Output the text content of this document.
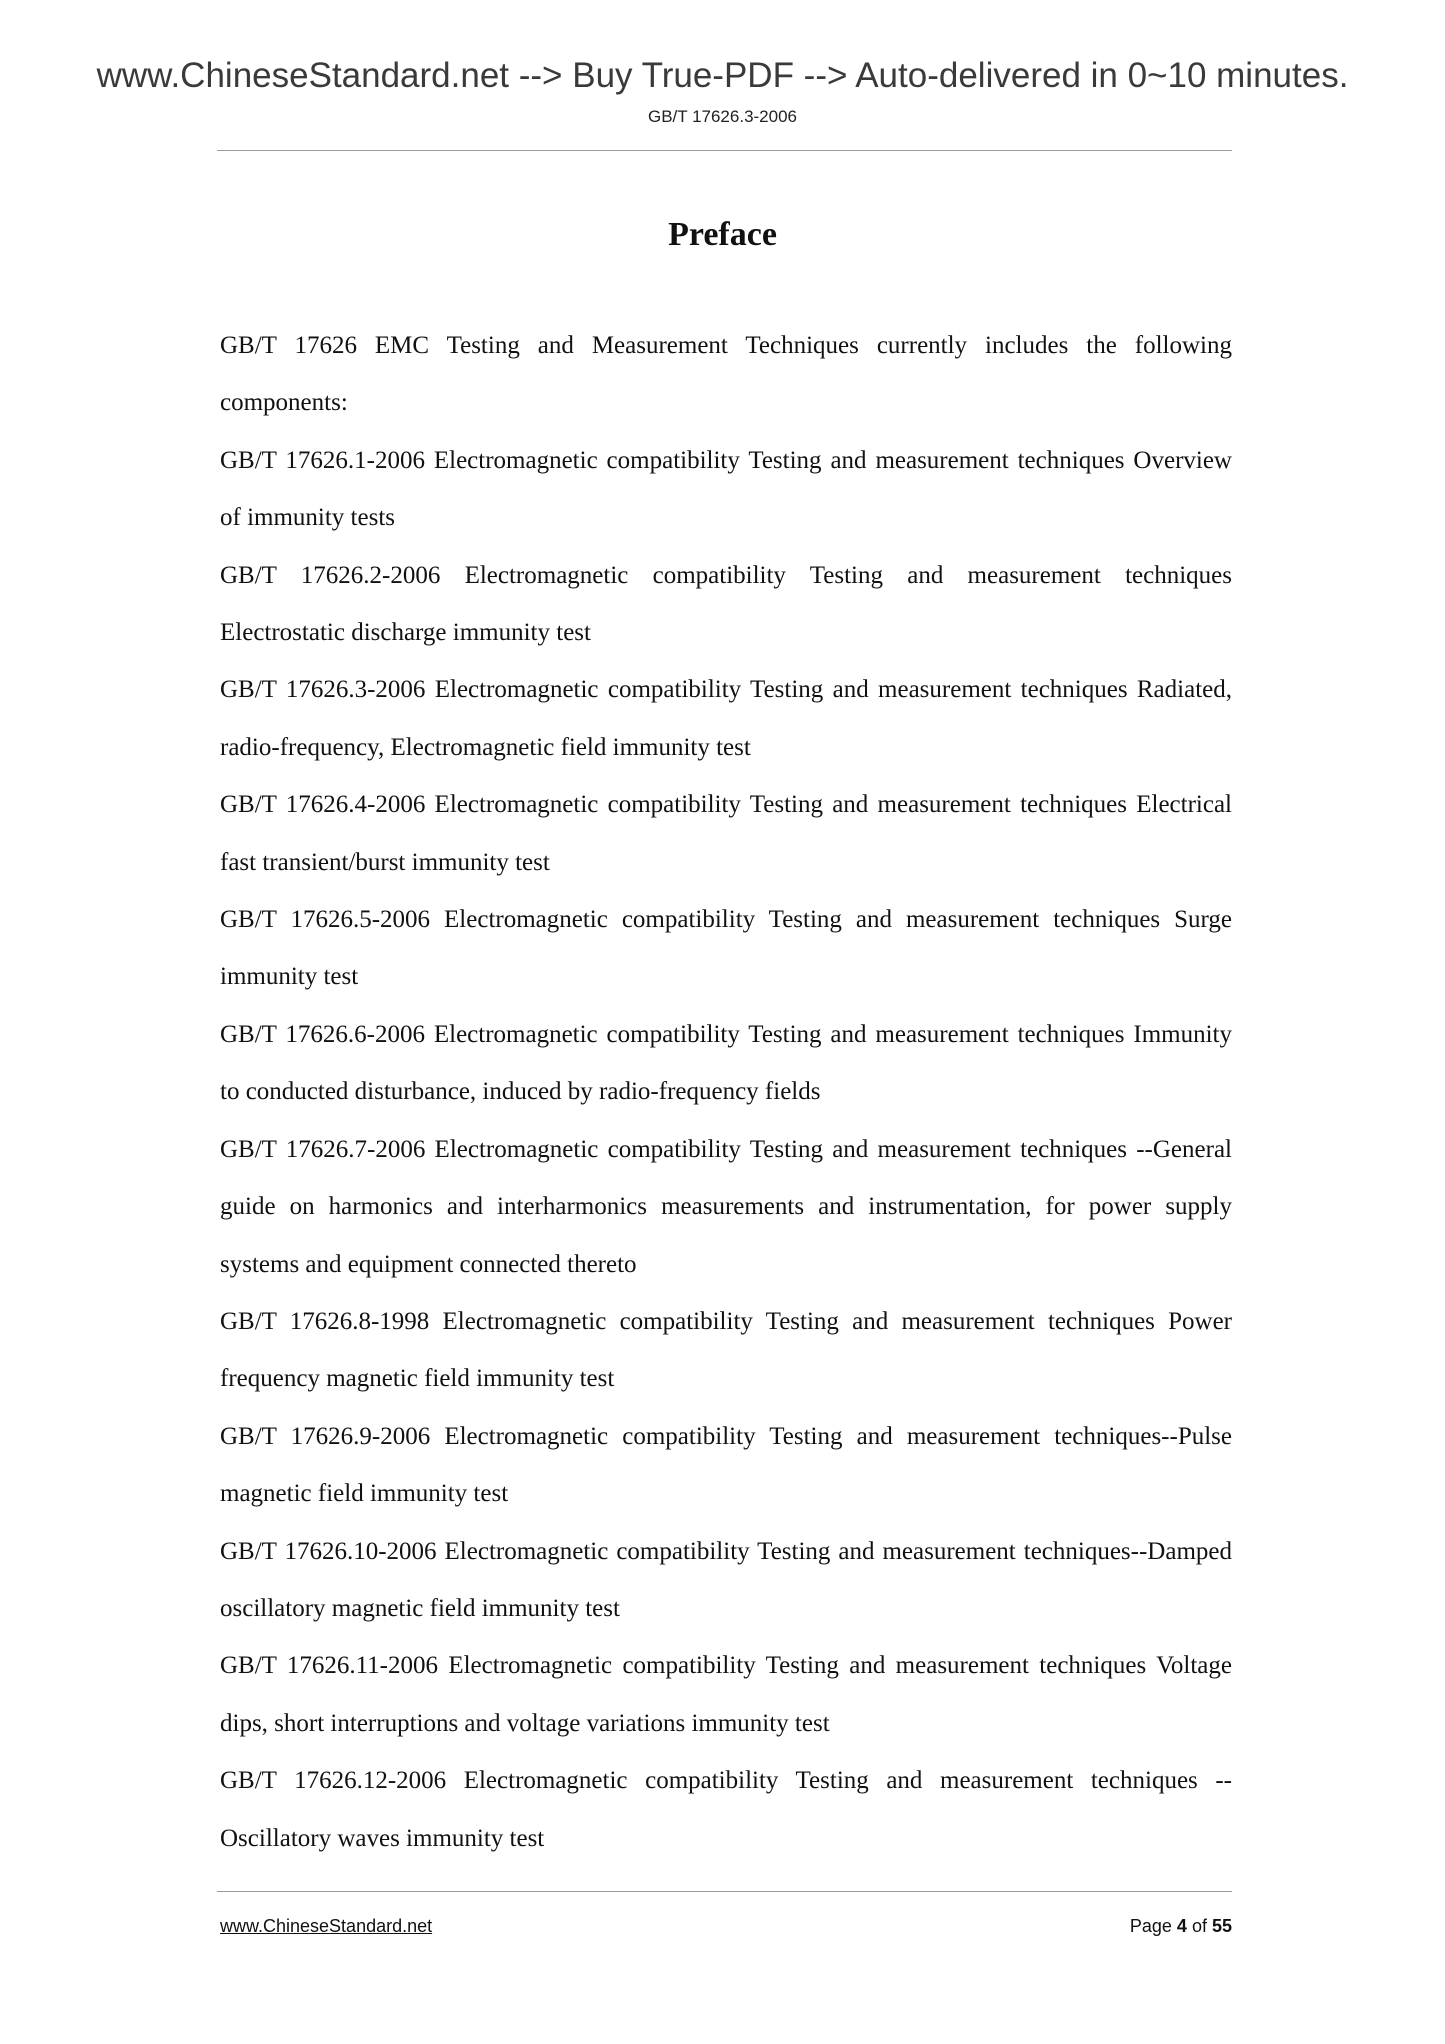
www.ChineseStandard.net --> Buy True-PDF --> Auto-delivered in 0~10 minutes.
GB/T 17626.3-2006
Preface

GB/T 17626 EMC Testing and Measurement Techniques currently includes the following components:

GB/T 17626.1-2006 Electromagnetic compatibility Testing and measurement techniques Overview of immunity tests

GB/T 17626.2-2006 Electromagnetic compatibility Testing and measurement techniques Electrostatic discharge immunity test

GB/T 17626.3-2006 Electromagnetic compatibility Testing and measurement techniques Radiated, radio-frequency, Electromagnetic field immunity test

GB/T 17626.4-2006 Electromagnetic compatibility Testing and measurement techniques Electrical fast transient/burst immunity test

GB/T 17626.5-2006 Electromagnetic compatibility Testing and measurement techniques Surge immunity test

GB/T 17626.6-2006 Electromagnetic compatibility Testing and measurement techniques Immunity to conducted disturbance, induced by radio-frequency fields

GB/T 17626.7-2006 Electromagnetic compatibility Testing and measurement techniques --General guide on harmonics and interharmonics measurements and instrumentation, for power supply systems and equipment connected thereto

GB/T 17626.8-1998 Electromagnetic compatibility Testing and measurement techniques Power frequency magnetic field immunity test

GB/T 17626.9-2006 Electromagnetic compatibility Testing and measurement techniques--Pulse magnetic field immunity test

GB/T 17626.10-2006 Electromagnetic compatibility Testing and measurement techniques--Damped oscillatory magnetic field immunity test

GB/T 17626.11-2006 Electromagnetic compatibility Testing and measurement techniques Voltage dips, short interruptions and voltage variations immunity test

GB/T 17626.12-2006 Electromagnetic compatibility Testing and measurement techniques --Oscillatory waves immunity test

www.ChineseStandard.net	Page 4 of 55
